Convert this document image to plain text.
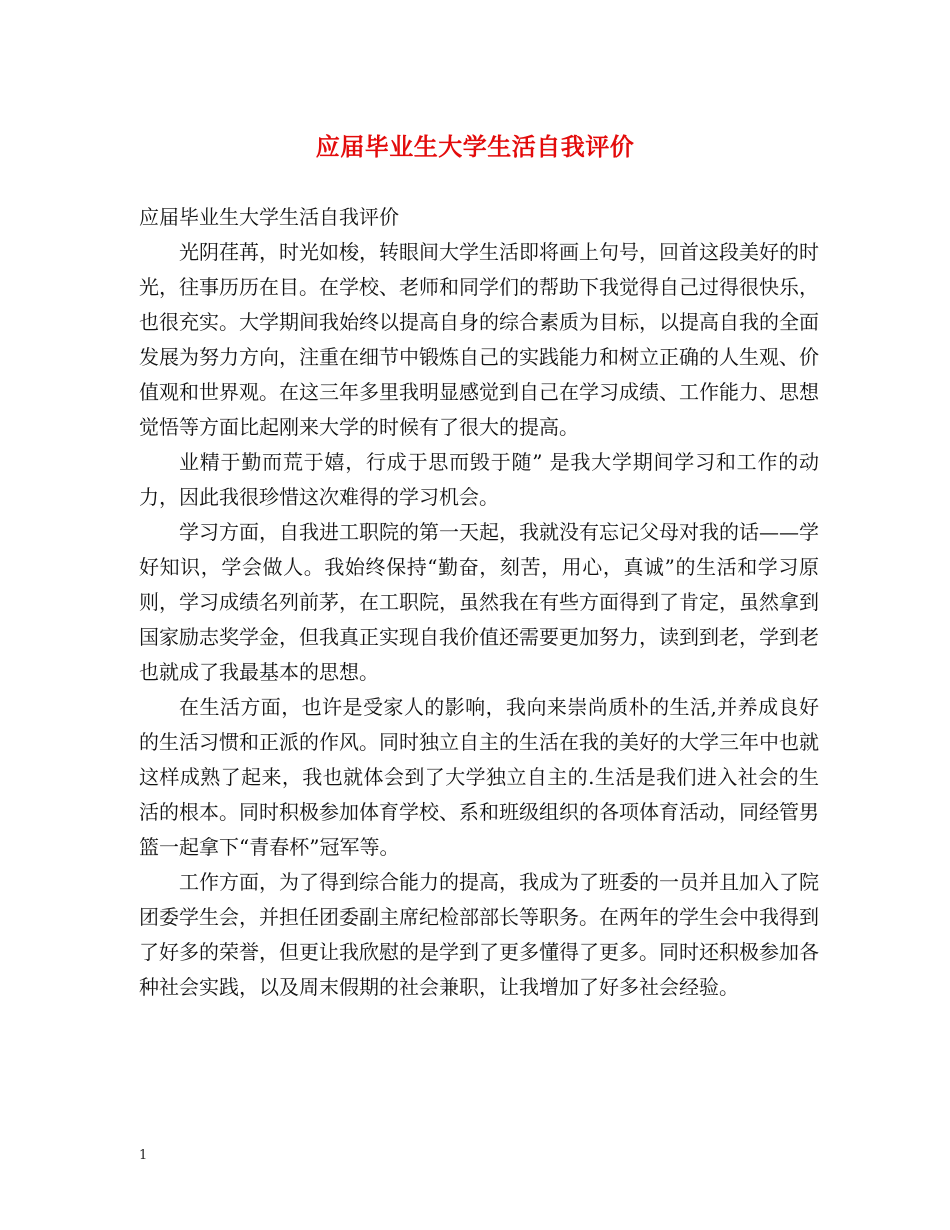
应届毕业生大学生活自我评价

应届毕业生大学生活自我评价

光阴荏苒，时光如梭，转眼间大学生活即将画上句号，回首这段美好的时光，往事历历在目。在学校、老师和同学们的帮助下我觉得自己过得很快乐，也很充实。大学期间我始终以提高自身的综合素质为目标，以提高自我的全面发展为努力方向，注重在细节中锻炼自己的实践能力和树立正确的人生观、价值观和世界观。在这三年多里我明显感觉到自己在学习成绩、工作能力、思想觉悟等方面比起刚来大学的时候有了很大的提高。

业精于勤而荒于嬉，行成于思而毁于随” 是我大学期间学习和工作的动力，因此我很珍惜这次难得的学习机会。

学习方面，自我进工职院的第一天起，我就没有忘记父母对我的话——学好知识，学会做人。我始终保持“勤奋，刻苦，用心，真诚”的生活和学习原则，学习成绩名列前茅，在工职院，虽然我在有些方面得到了肯定，虽然拿到国家励志奖学金，但我真正实现自我价值还需要更加努力，读到到老，学到老也就成了我最基本的思想。

在生活方面，也许是受家人的影响，我向来崇尚质朴的生活,并养成良好的生活习惯和正派的作风。同时独立自主的生活在我的美好的大学三年中也就这样成熟了起来，我也就体会到了大学独立自主的.生活是我们进入社会的生活的根本。同时积极参加体育学校、系和班级组织的各项体育活动，同经管男篮一起拿下“青春杯”冠军等。

工作方面，为了得到综合能力的提高，我成为了班委的一员并且加入了院团委学生会，并担任团委副主席纪检部部长等职务。在两年的学生会中我得到了好多的荣誉，但更让我欣慰的是学到了更多懂得了更多。同时还积极参加各种社会实践，以及周末假期的社会兼职，让我增加了好多社会经验。

1
